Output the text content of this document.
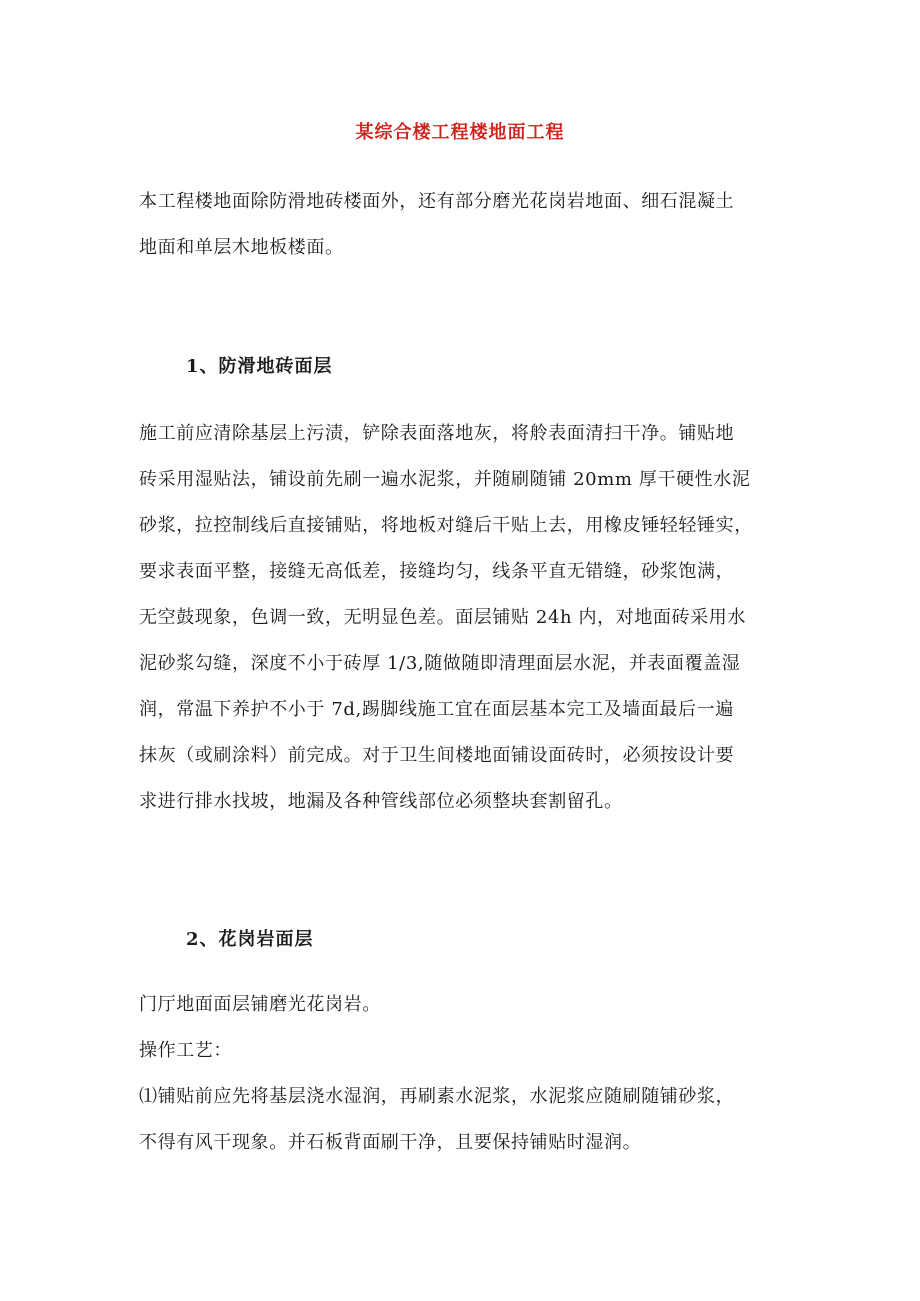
某综合楼工程楼地面工程

本工程楼地面除防滑地砖楼面外，还有部分磨光花岗岩地面、细石混凝土
地面和单层木地板楼面。

1、防滑地砖面层

施工前应清除基层上污渍，铲除表面落地灰，将舲表面清扫干净。铺贴地
砖采用湿贴法，铺设前先刷一遍水泥浆，并随刷随铺 20mm 厚干硬性水泥
砂浆，拉控制线后直接铺贴，将地板对缝后干贴上去，用橡皮锤轻轻锤实，
要求表面平整，接缝无高低差，接缝均匀，线条平直无错缝，砂浆饱满，
无空鼓现象，色调一致，无明显色差。面层铺贴 24h 内，对地面砖采用水
泥砂浆勾缝，深度不小于砖厚 1/3,随做随即清理面层水泥，并表面覆盖湿
润，常温下养护不小于 7d,踢脚线施工宜在面层基本完工及墙面最后一遍
抹灰（或刷涂料）前完成。对于卫生间楼地面铺设面砖时，必须按设计要
求进行排水找坡，地漏及各种管线部位必须整块套割留孔。

2、花岗岩面层

门厅地面面层铺磨光花岗岩。
操作工艺：
⑴铺贴前应先将基层浇水湿润，再刷素水泥浆，水泥浆应随刷随铺砂浆，
不得有风干现象。并石板背面刷干净，且要保持铺贴时湿润。
